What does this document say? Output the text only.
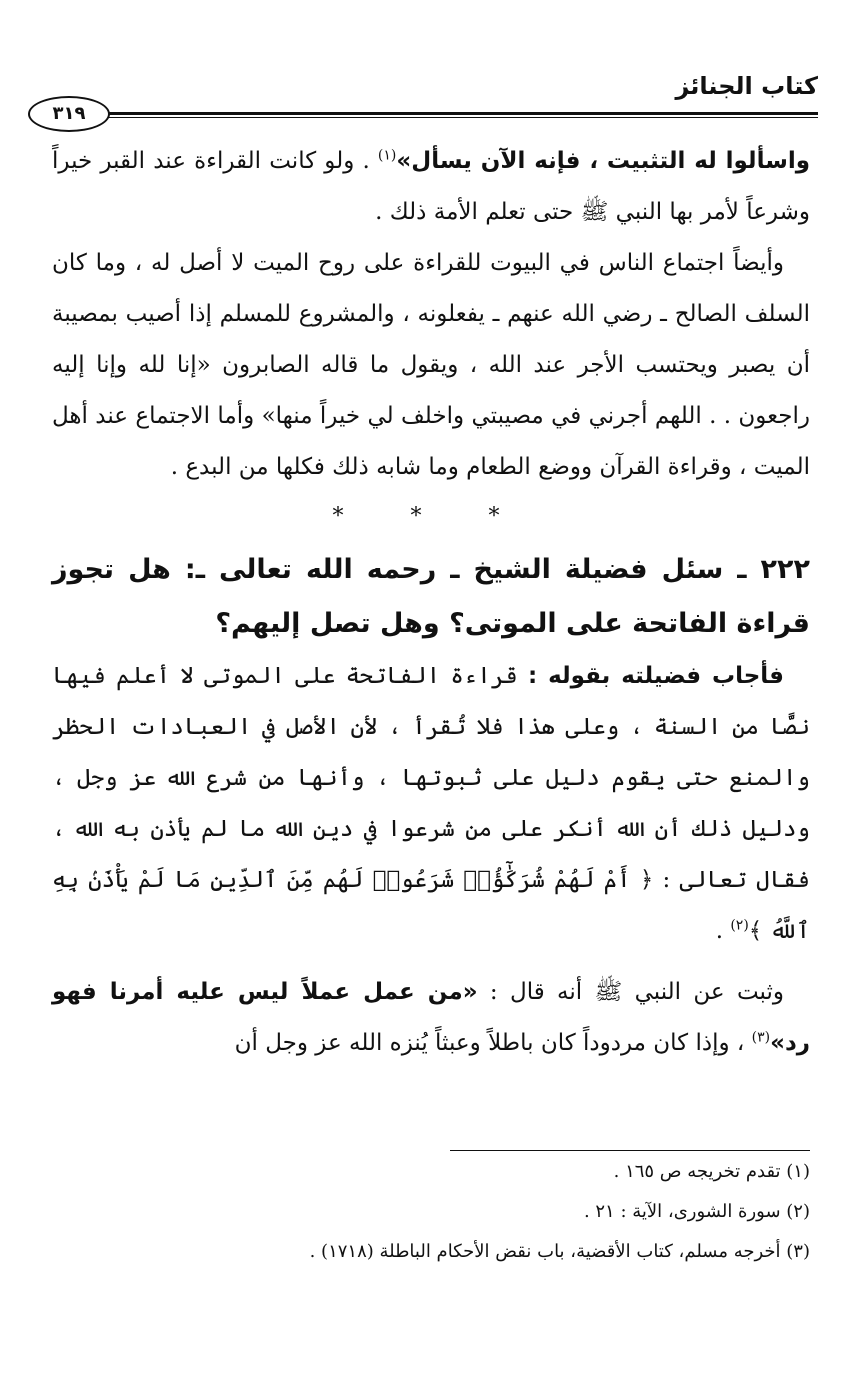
كتاب الجنائز
٣١٩

واسألوا له التثبيت ، فإنه الآن يسأل»$^{(١)}$ . ولو كانت القراءة عند القبر خيراً وشرعاً لأمر بها النبي ﷺ حتى تعلم الأمة ذلك .

وأيضاً اجتماع الناس في البيوت للقراءة على روح الميت لا أصل له ، وما كان السلف الصالح ـ رضي الله عنهم ـ يفعلونه ، والمشروع للمسلم إذا أصيب بمصيبة أن يصبر ويحتسب الأجر عند الله ، ويقول ما قاله الصابرون «إنا لله وإنا إليه راجعون . . اللهم أجرني في مصيبتي واخلف لي خيراً منها» وأما الاجتماع عند أهل الميت ، وقراءة القرآن ووضع الطعام وما شابه ذلك فكلها من البدع .

* * *

٢٢٢ ـ سئل فضيلة الشيخ ـ رحمه الله تعالى ـ: هل تجوز قراءة الفاتحة على الموتى؟ وهل تصل إليهم؟

فأجاب فضيلته بقوله : قراءة الفاتحة على الموتى لا أعلم فيها نصًّا من السنة ، وعلى هذا فلا تُقرأ ، لأن الأصل في العبادات الحظر والمنع حتى يقوم دليل على ثبوتها ، وأنها من شرع الله عز وجل ، ودليل ذلك أن الله أنكر على من شرعوا في دين الله ما لم يأذن به الله ، فقال تعالى : ﴿ أَمْ لَهُمْ شُرَكَٰٓؤُا۟ شَرَعُوا۟ لَهُم مِّنَ ٱلدِّينِ مَا لَمْ يَأْذَنۢ بِهِ ٱللَّهُ ﴾$^{(٢)}$ .

وثبت عن النبي ﷺ أنه قال : «من عمل عملاً ليس عليه أمرنا فهو رد»$^{(٣)}$ ، وإذا كان مردوداً كان باطلاً وعبثاً يُنزه الله عز وجل أن

(١) تقدم تخريجه ص ١٦٥ .

(٢) سورة الشورى، الآية : ٢١ .

(٣) أخرجه مسلم، كتاب الأقضية، باب نقض الأحكام الباطلة (١٧١٨) .
